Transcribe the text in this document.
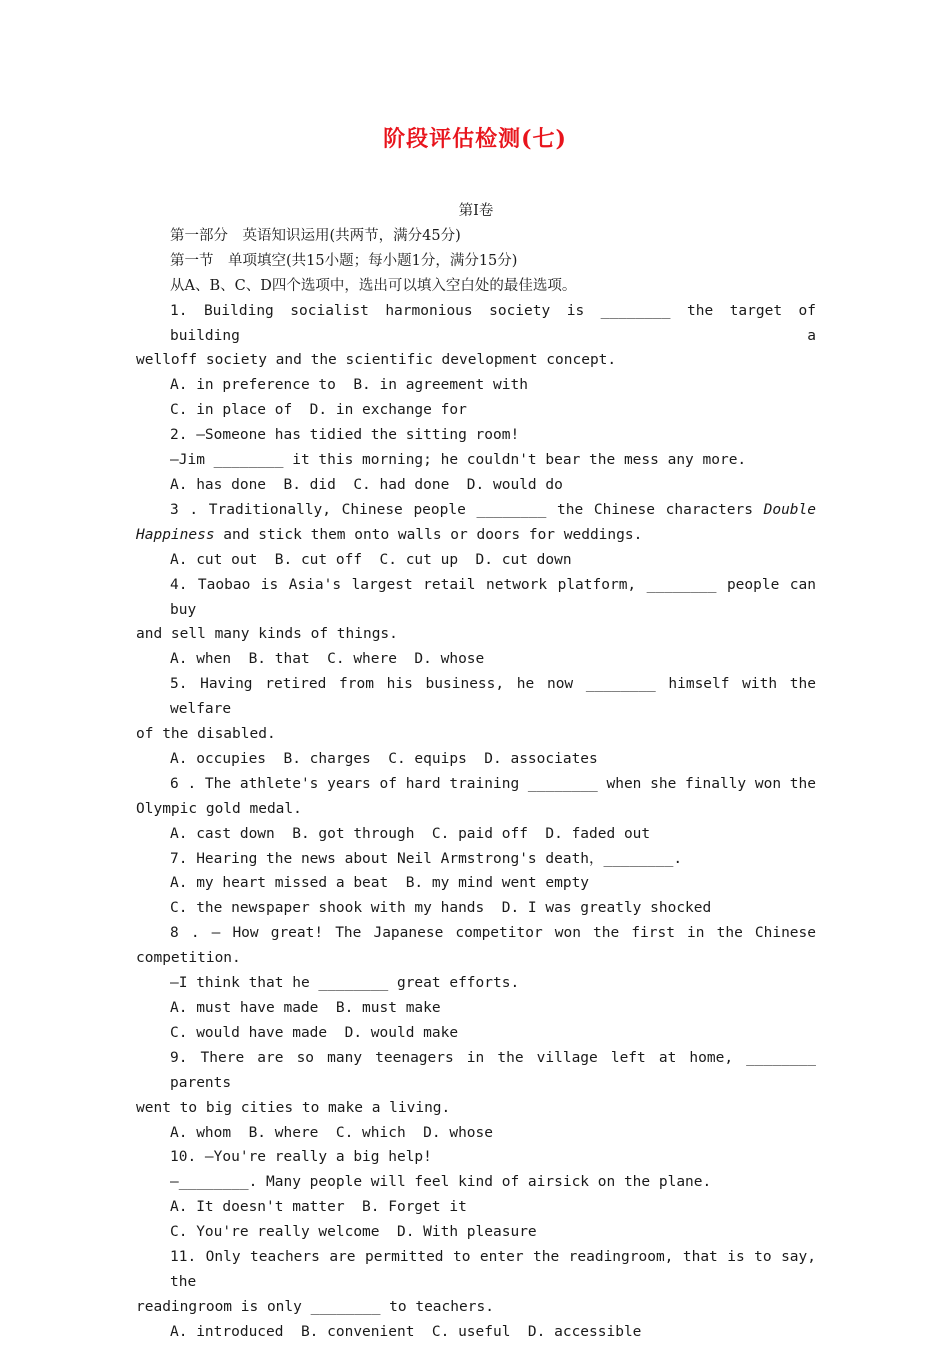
阶段评估检测(七)
第Ⅰ卷
第一部分　英语知识运用(共两节，满分45分)
第一节　单项填空(共15小题；每小题1分，满分15分)
从A、B、C、D四个选项中，选出可以填入空白处的最佳选项。
1. Building socialist harmonious society is ________ the target of building a
welloff society and the scientific development concept.
A. in preference to  B. in agreement with
C. in place of  D. in exchange for
2. —Someone has tidied the sitting room!
—Jim ________ it this morning; he couldn't bear the mess any more.
A. has done  B. did  C. had done  D. would do
3 . Traditionally, Chinese people ________ the Chinese characters Double
Happiness and stick them onto walls or doors for weddings.
A. cut out  B. cut off  C. cut up  D. cut down
4. Taobao is Asia's largest retail network platform, ________ people can buy
and sell many kinds of things.
A. when  B. that  C. where  D. whose
5. Having retired from his business, he now ________ himself with the welfare
of the disabled.
A. occupies  B. charges  C. equips  D. associates
6 . The athlete's years of hard training ________ when she finally won the
Olympic gold medal.
A. cast down  B. got through  C. paid off  D. faded out
7. Hearing the news about Neil Armstrong's death，________.
A. my heart missed a beat  B. my mind went empty
C. the newspaper shook with my hands  D. I was greatly shocked
8 . — How great! The Japanese competitor won the first in the Chinese
competition.
—I think that he ________ great efforts.
A. must have made  B. must make
C. would have made  D. would make
9. There are so many teenagers in the village left at home, ________ parents
went to big cities to make a living.
A. whom  B. where  C. which  D. whose
10. —You're really a big help!
—________. Many people will feel kind of airsick on the plane.
A. It doesn't matter  B. Forget it
C. You're really welcome  D. With pleasure
11. Only teachers are permitted to enter the readingroom, that is to say, the
readingroom is only ________ to teachers.
A. introduced  B. convenient  C. useful  D. accessible
